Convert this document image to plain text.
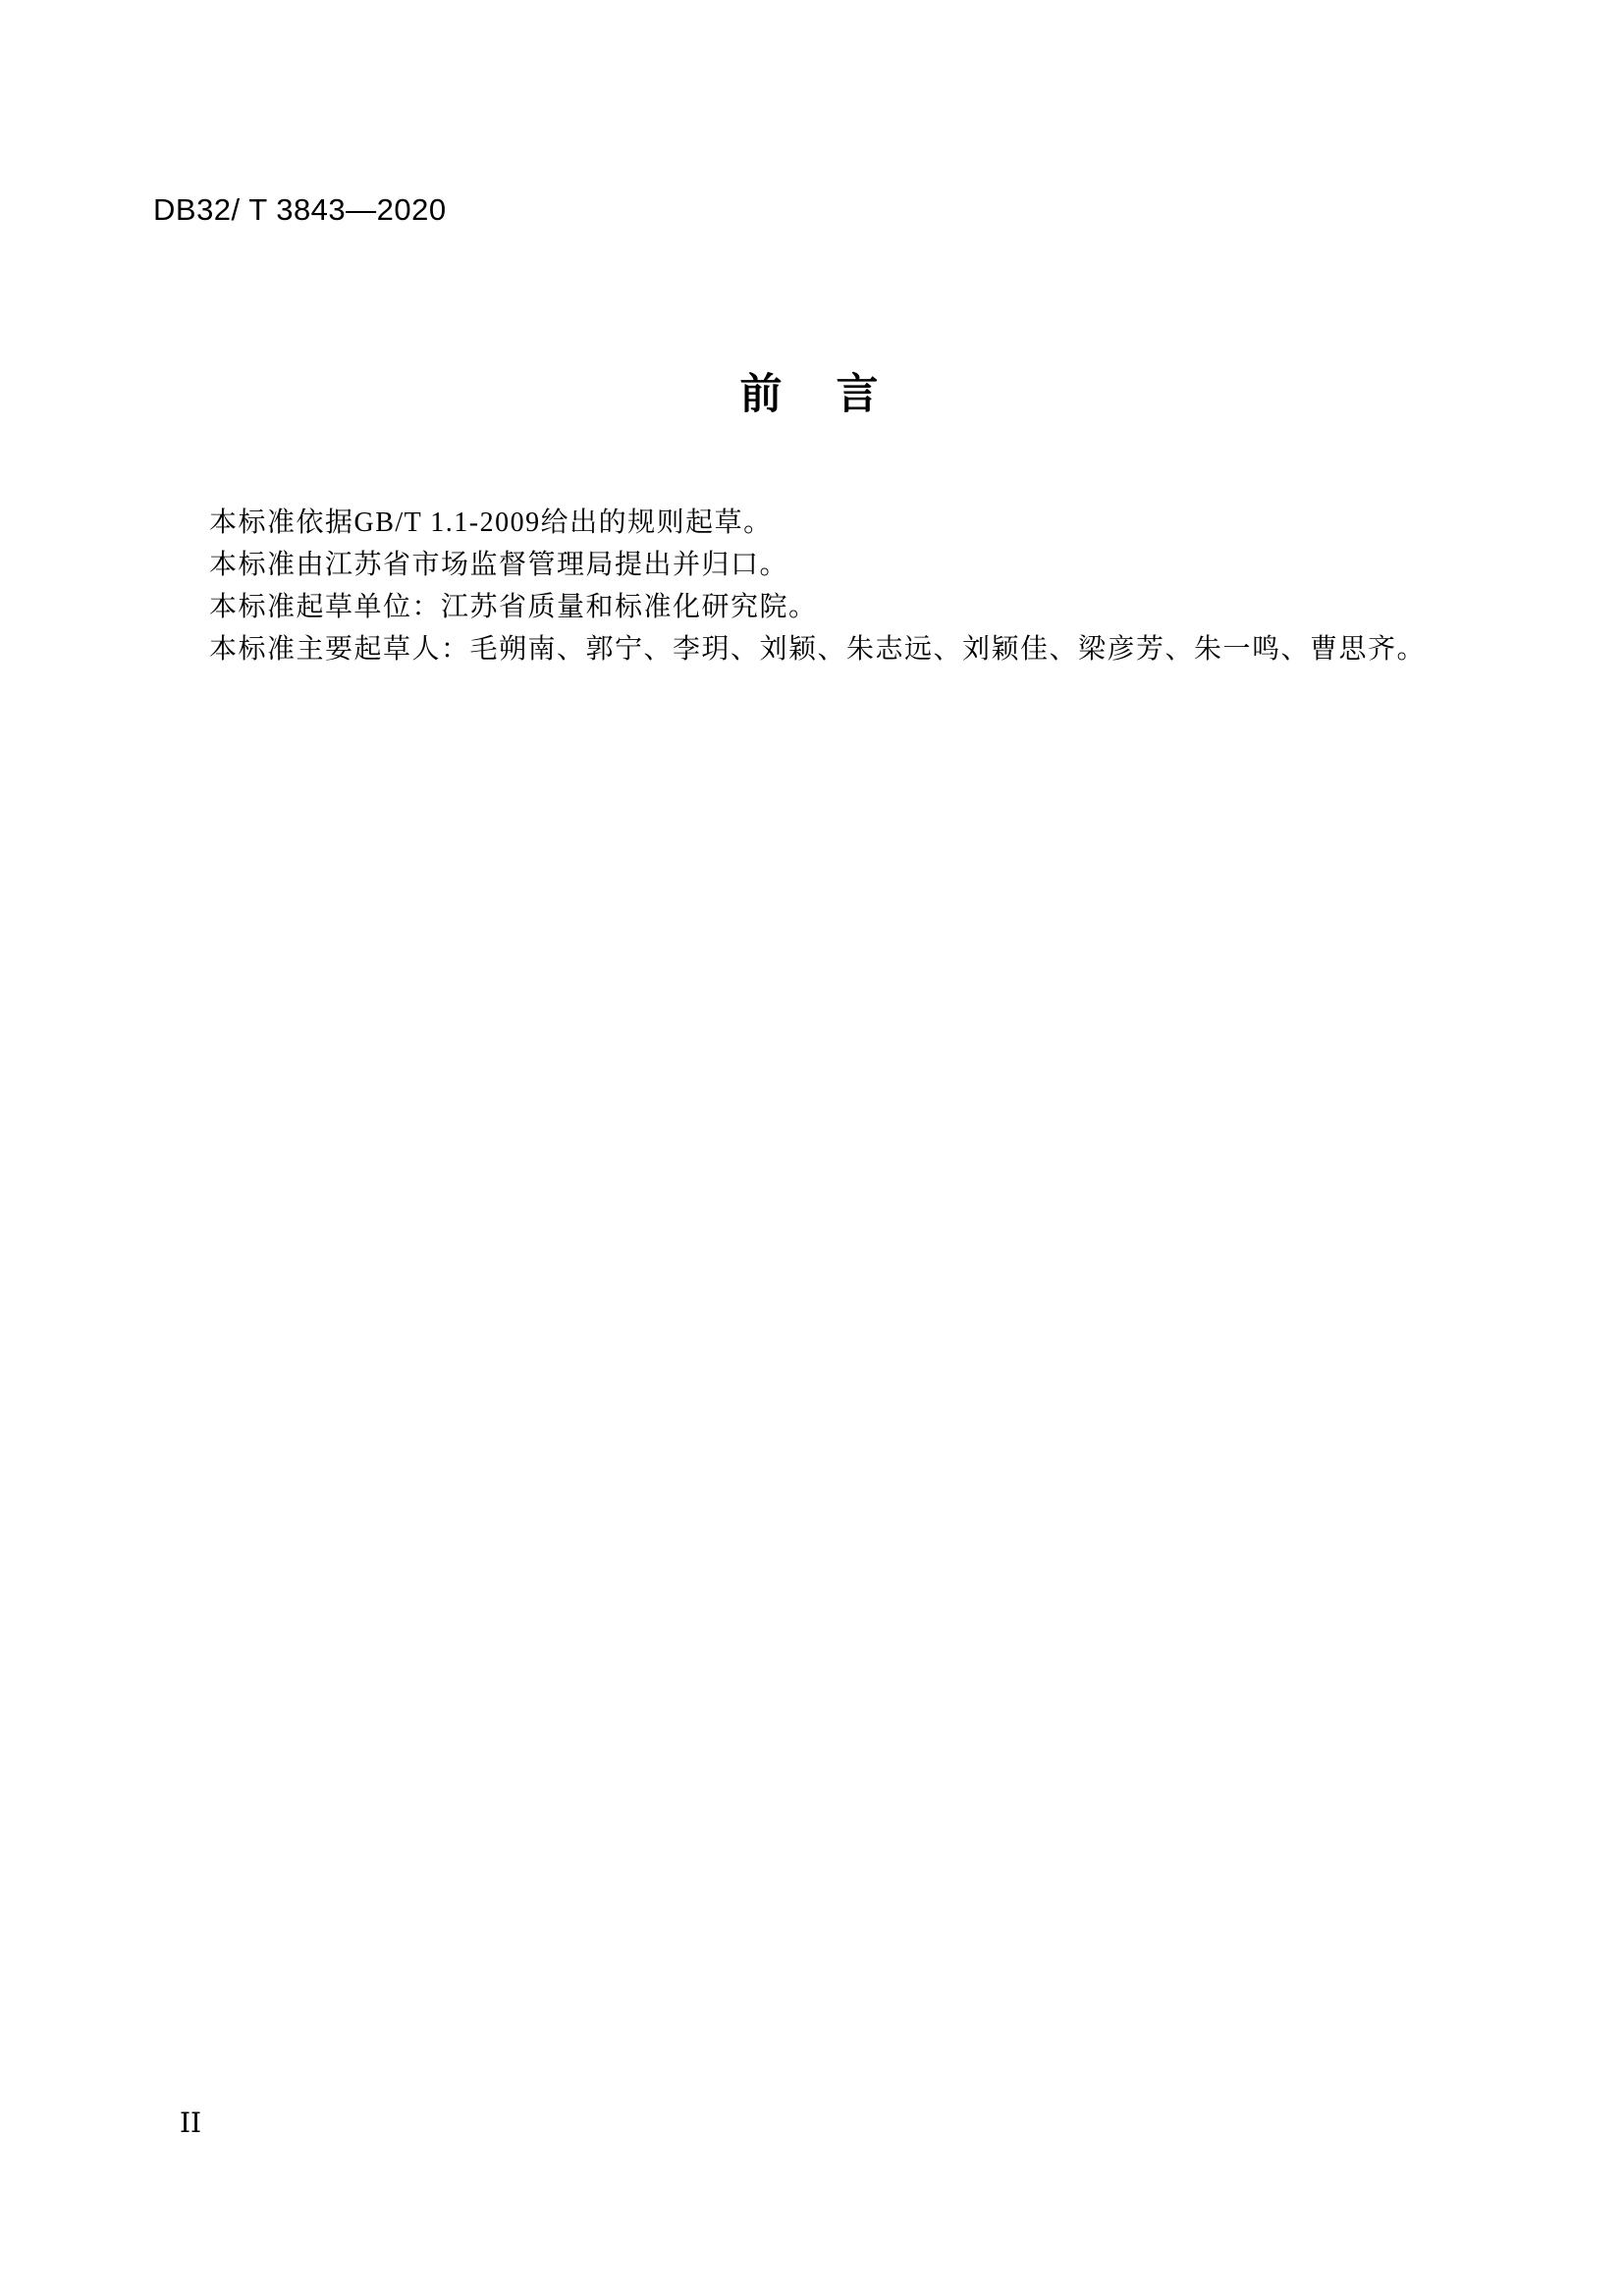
DB32/ T 3843—2020
前　言

本标准依据GB/T 1.1-2009给出的规则起草。

本标准由江苏省市场监督管理局提出并归口。

本标准起草单位：江苏省质量和标准化研究院。

本标准主要起草人：毛朔南、郭宁、李玥、刘颖、朱志远、刘颖佳、梁彦芳、朱一鸣、曹思齐。

II
